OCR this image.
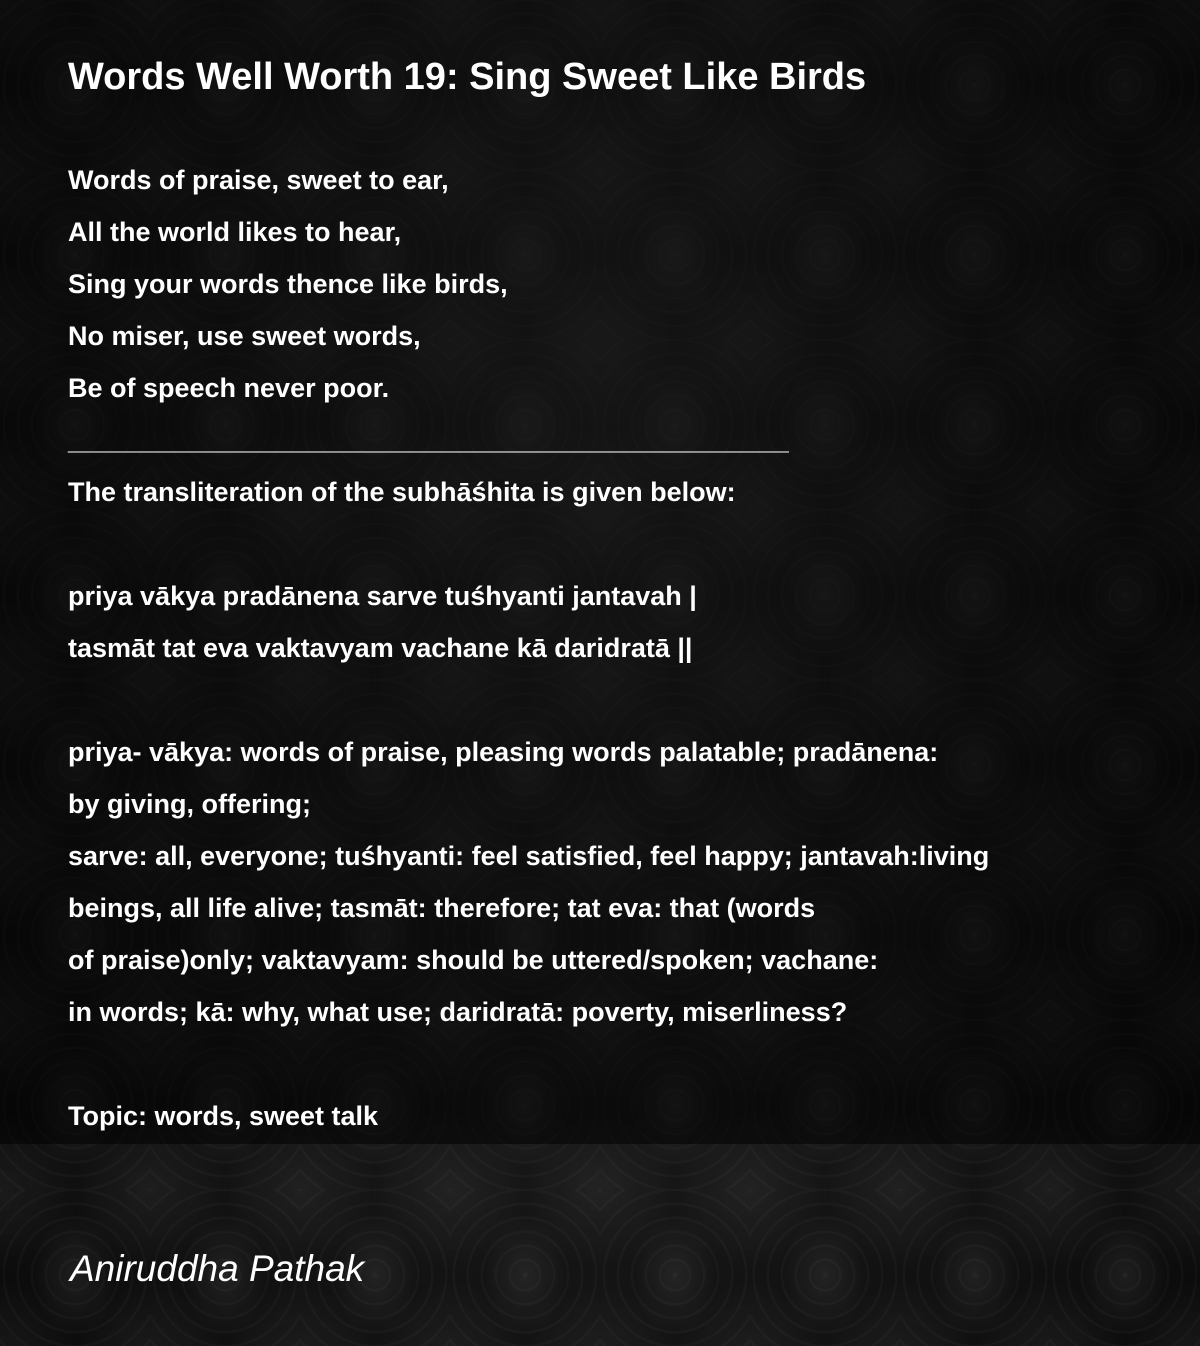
Words Well Worth 19: Sing Sweet Like Birds
Words of praise, sweet to ear,
All the world likes to hear,
Sing your words thence like birds,
No miser, use sweet words,
Be of speech never poor.
________________________________________________
The transliteration of the subhāśhita is given below:
priya vākya pradānena sarve tuśhyanti jantavah |
tasmāt tat eva vaktavyam vachane kā daridratā ||
priya- vākya: words of praise, pleasing words palatable; pradānena:
by giving, offering;
sarve: all, everyone; tuśhyanti: feel satisfied, feel happy; jantavah:living
beings, all life alive; tasmāt: therefore; tat eva: that (words
of praise)only; vaktavyam: should be uttered/spoken; vachane:
in words; kā: why, what use; daridratā: poverty, miserliness?
Topic: words, sweet talk
Aniruddha Pathak
